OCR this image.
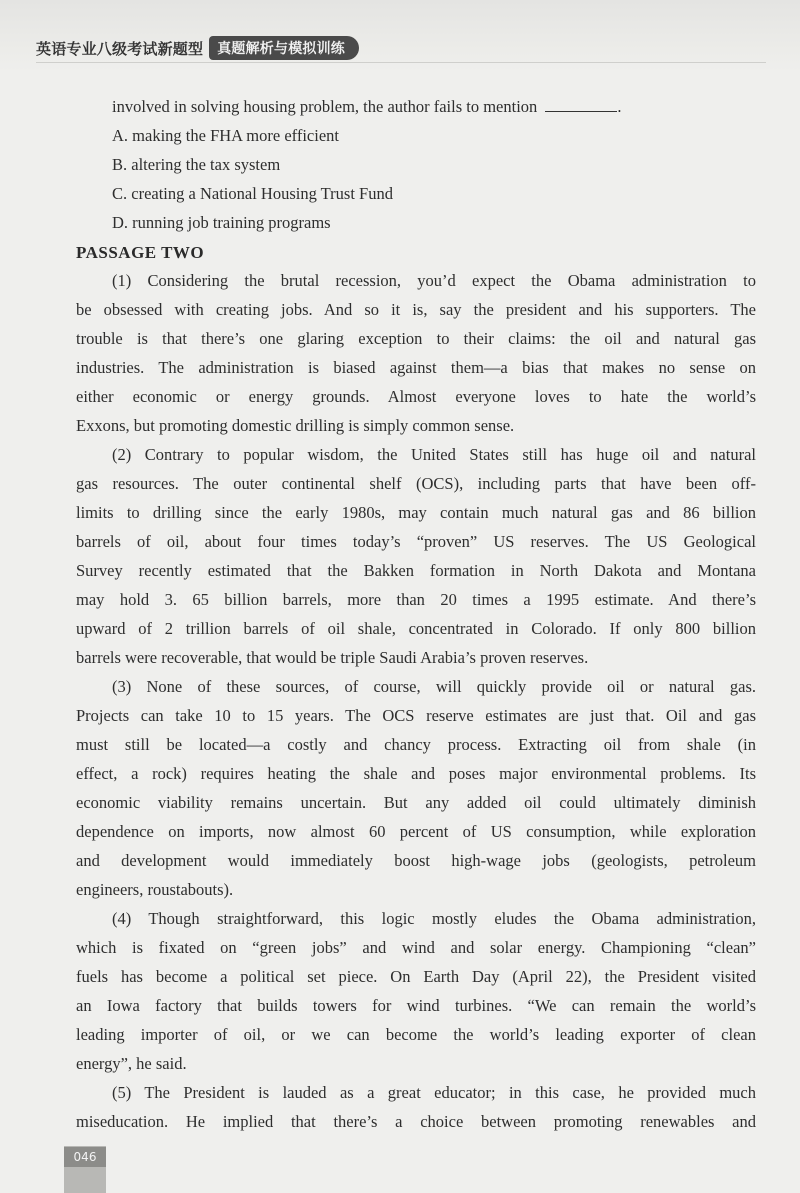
英语专业八级考试新题型	真题解析与模拟训练
involved in solving housing problem, the author fails to mention	.
A. making the FHA more efficient
B. altering the tax system
C. creating a National Housing Trust Fund
D. running job training programs
PASSAGE TWO
(1) Considering the brutal recession, you’d expect the Obama administration to
be obsessed with creating jobs. And so it is, say the president and his supporters. The
trouble is that there’s one glaring exception to their claims: the oil and natural gas
industries. The administration is biased against them—a bias that makes no sense on
either economic or energy grounds. Almost everyone loves to hate the world’s
Exxons, but promoting domestic drilling is simply common sense.
(2) Contrary to popular wisdom, the United States still has huge oil and natural
gas resources. The outer continental shelf (OCS), including parts that have been off-
limits to drilling since the early 1980s, may contain much natural gas and 86 billion
barrels of oil, about four times today’s “proven” US reserves. The US Geological
Survey recently estimated that the Bakken formation in North Dakota and Montana
may hold 3. 65 billion barrels, more than 20 times a 1995 estimate. And there’s
upward of 2 trillion barrels of oil shale, concentrated in Colorado. If only 800 billion
barrels were recoverable, that would be triple Saudi Arabia’s proven reserves.
(3) None of these sources, of course, will quickly provide oil or natural gas.
Projects can take 10 to 15 years. The OCS reserve estimates are just that. Oil and gas
must still be located—a costly and chancy process. Extracting oil from shale (in
effect, a rock) requires heating the shale and poses major environmental problems. Its
economic viability remains uncertain. But any added oil could ultimately diminish
dependence on imports, now almost 60 percent of US consumption, while exploration
and development would immediately boost high-wage jobs (geologists, petroleum
engineers, roustabouts).
(4) Though straightforward, this logic mostly eludes the Obama administration,
which is fixated on “green jobs” and wind and solar energy. Championing “clean”
fuels has become a political set piece. On Earth Day (April 22), the President visited
an Iowa factory that builds towers for wind turbines. “We can remain the world’s
leading importer of oil, or we can become the world’s leading exporter of clean
energy”, he said.
(5) The President is lauded as a great educator; in this case, he provided much
miseducation. He implied that there’s a choice between promoting renewables and
046
